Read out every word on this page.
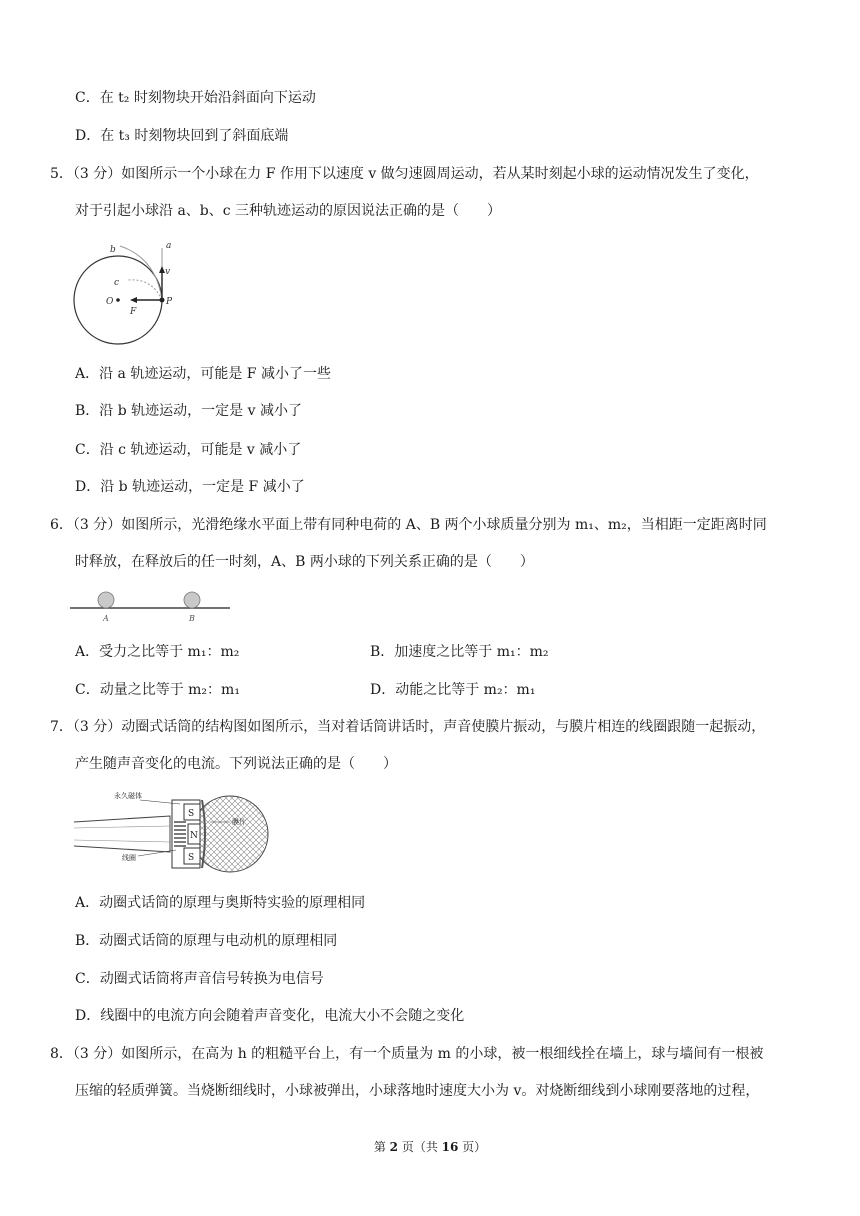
C．在 t₂ 时刻物块开始沿斜面向下运动
D．在 t₃ 时刻物块回到了斜面底端
5．（3 分）如图所示一个小球在力 F 作用下以速度 v 做匀速圆周运动，若从某时刻起小球的运动情况发生了变化，
对于引起小球沿 a、b、c 三种轨迹运动的原因说法正确的是（　　）
a
b
c
v
O
F
P
A．沿 a 轨迹运动，可能是 F 减小了一些
B．沿 b 轨迹运动，一定是 v 减小了
C．沿 c 轨迹运动，可能是 v 减小了
D．沿 b 轨迹运动，一定是 F 减小了
6．（3 分）如图所示，光滑绝缘水平面上带有同种电荷的 A、B 两个小球质量分别为 m₁、m₂，当相距一定距离时同
时释放，在释放后的任一时刻，A、B 两小球的下列关系正确的是（　　）
A	B
A．受力之比等于 m₁：m₂	B．加速度之比等于 m₁：m₂
C．动量之比等于 m₂：m₁	D．动能之比等于 m₂：m₁
7．（3 分）动圈式话筒的结构图如图所示，当对着话筒讲话时，声音使膜片振动，与膜片相连的线圈跟随一起振动，
产生随声音变化的电流。下列说法正确的是（　　）
S
N
S
永久磁体
膜片
线圈
A．动圈式话筒的原理与奥斯特实验的原理相同
B．动圈式话筒的原理与电动机的原理相同
C．动圈式话筒将声音信号转换为电信号
D．线圈中的电流方向会随着声音变化，电流大小不会随之变化
8．（3 分）如图所示，在高为 h 的粗糙平台上，有一个质量为 m 的小球，被一根细线拴在墙上，球与墙间有一根被
压缩的轻质弹簧。当烧断细线时，小球被弹出，小球落地时速度大小为 v。对烧断细线到小球刚要落地的过程，
第 2 页（共 16 页）
